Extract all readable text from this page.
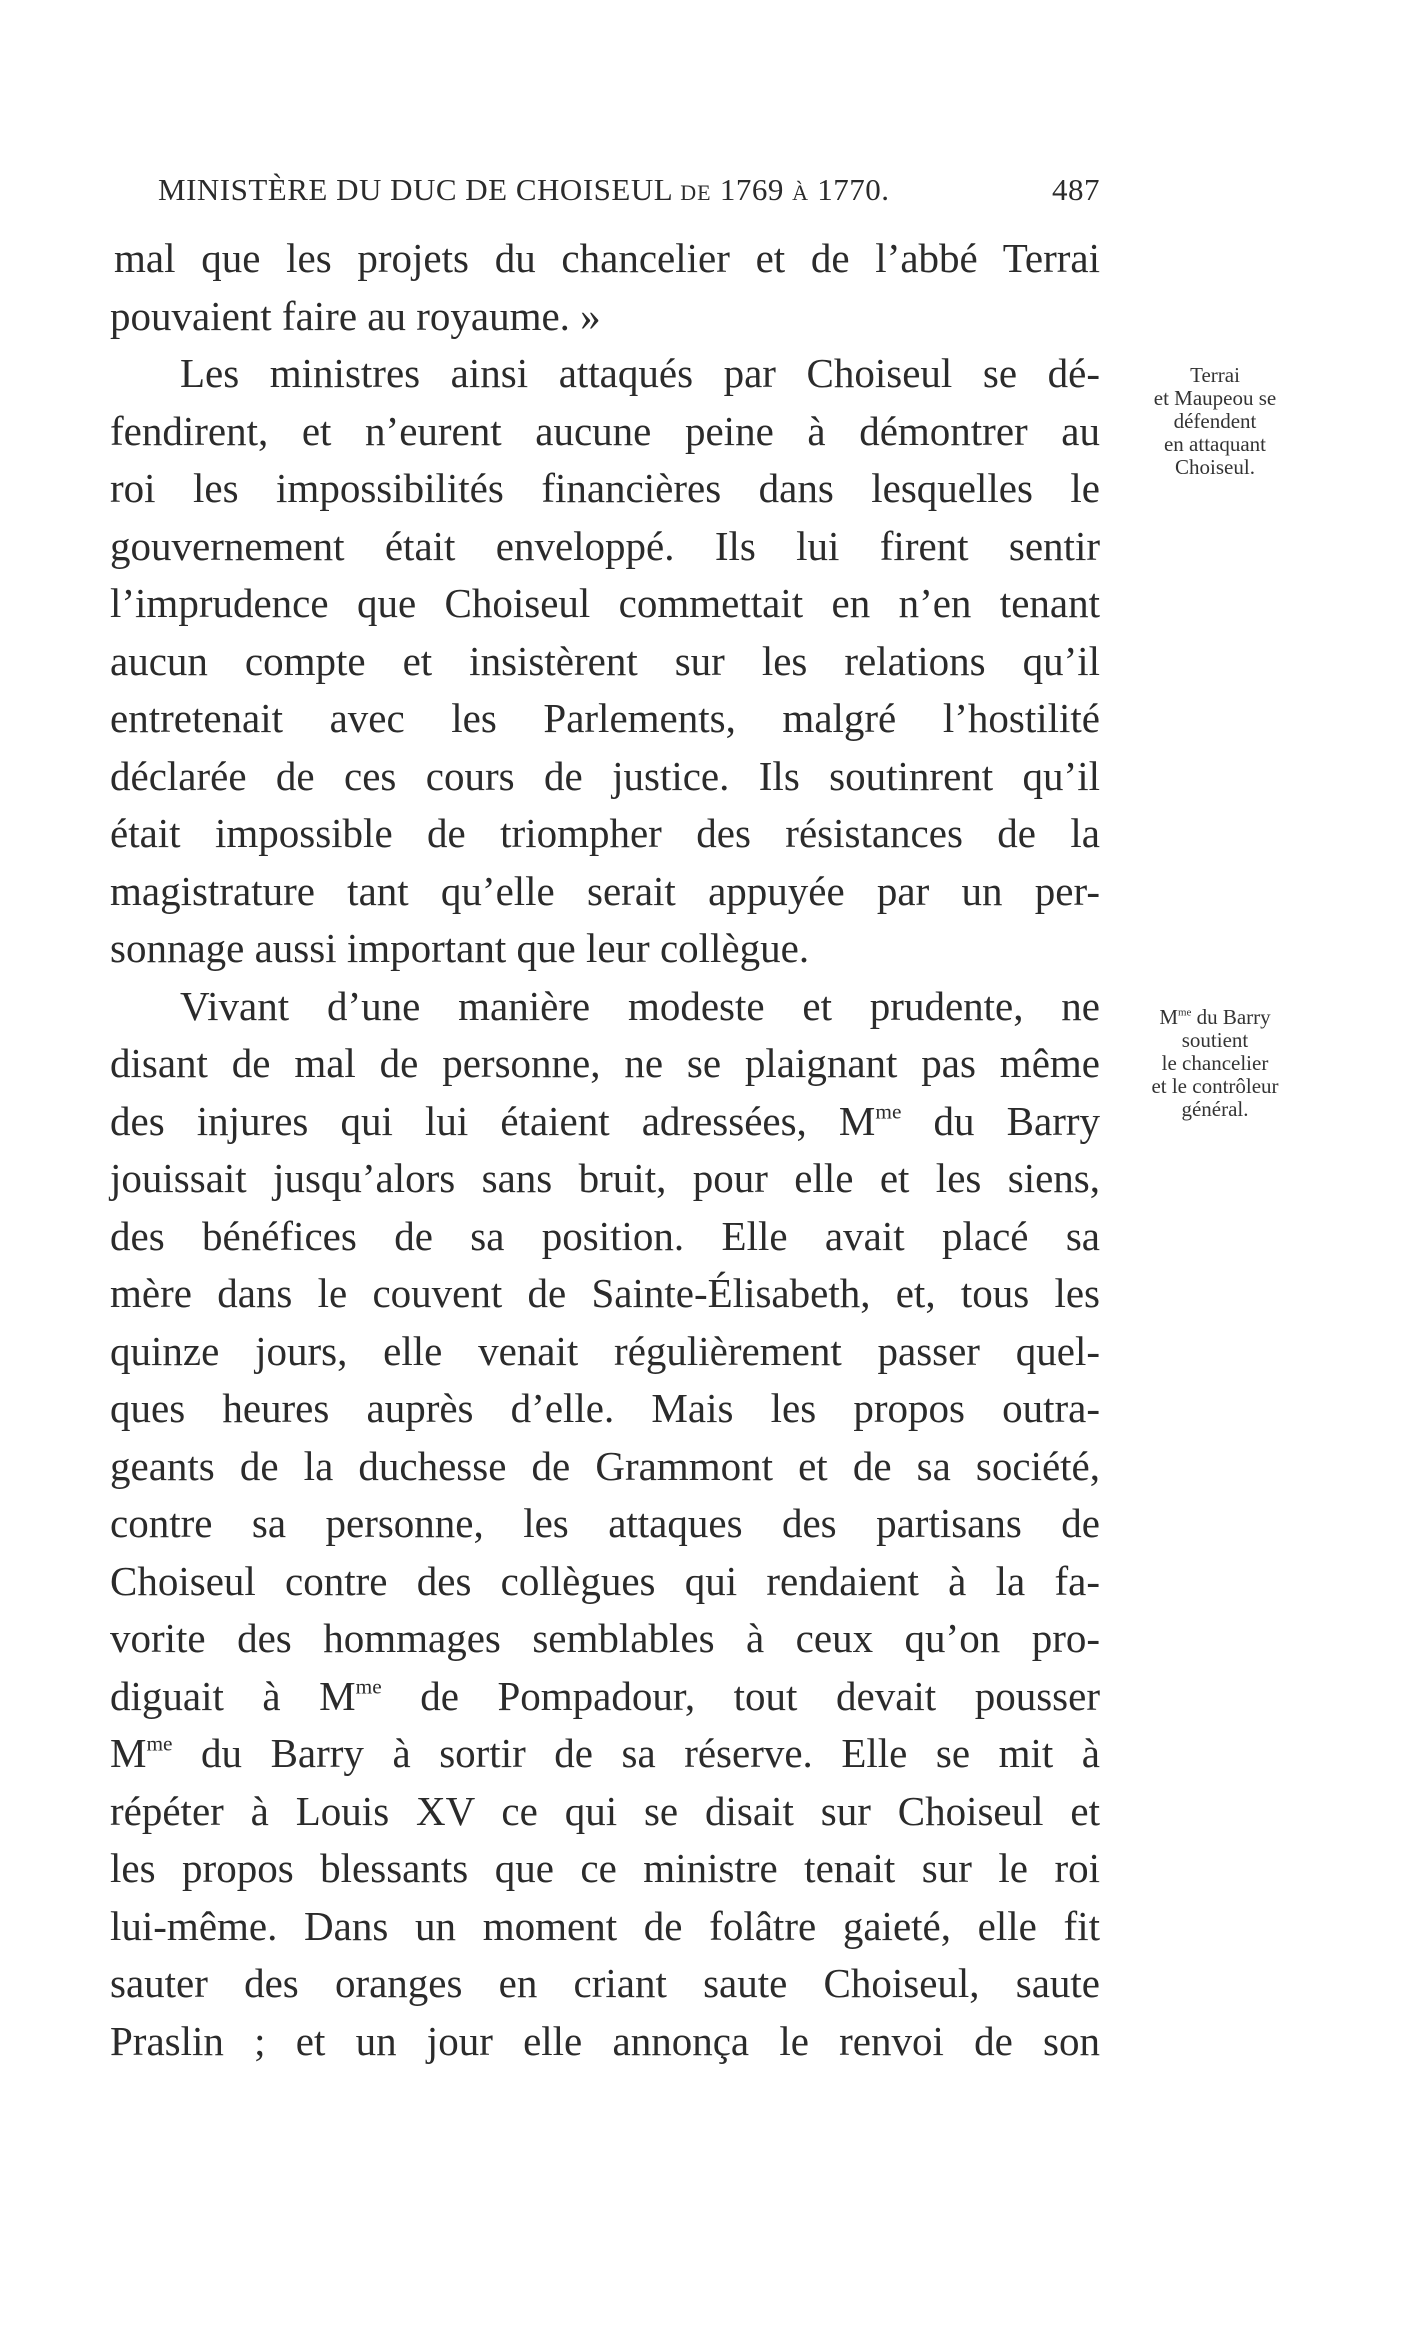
MINISTÈRE DU DUC DE CHOISEUL DE 1769 À 1770.	487
mal que les projets du chancelier et de l’abbé Terrai
pouvaient faire au royaume. »
Les ministres ainsi attaqués par Choiseul se dé-
fendirent, et n’eurent aucune peine à démontrer au
roi les impossibilités financières dans lesquelles le
gouvernement était enveloppé. Ils lui firent sentir
l’imprudence que Choiseul commettait en n’en tenant
aucun compte et insistèrent sur les relations qu’il
entretenait avec les Parlements, malgré l’hostilité
déclarée de ces cours de justice. Ils soutinrent qu’il
était impossible de triompher des résistances de la
magistrature tant qu’elle serait appuyée par un per-
sonnage aussi important que leur collègue.
Vivant d’une manière modeste et prudente, ne
disant de mal de personne, ne se plaignant pas même
des injures qui lui étaient adressées, $M^{me}$ du Barry
jouissait jusqu’alors sans bruit, pour elle et les siens,
des bénéfices de sa position. Elle avait placé sa
mère dans le couvent de Sainte-Élisabeth, et, tous les
quinze jours, elle venait régulièrement passer quel-
ques heures auprès d’elle. Mais les propos outra-
geants de la duchesse de Grammont et de sa société,
contre sa personne, les attaques des partisans de
Choiseul contre des collègues qui rendaient à la fa-
vorite des hommages semblables à ceux qu’on pro-
diguait à $M^{me}$ de Pompadour, tout devait pousser
$M^{me}$ du Barry à sortir de sa réserve. Elle se mit à
répéter à Louis XV ce qui se disait sur Choiseul et
les propos blessants que ce ministre tenait sur le roi
lui-même. Dans un moment de folâtre gaieté, elle fit
sauter des oranges en criant saute Choiseul, saute
Praslin ; et un jour elle annonça le renvoi de son
Terrai
et Maupeou se
défendent
en attaquant
Choiseul.
$M^{me}$ du Barry
soutient
le chancelier
et le contrôleur
général.
